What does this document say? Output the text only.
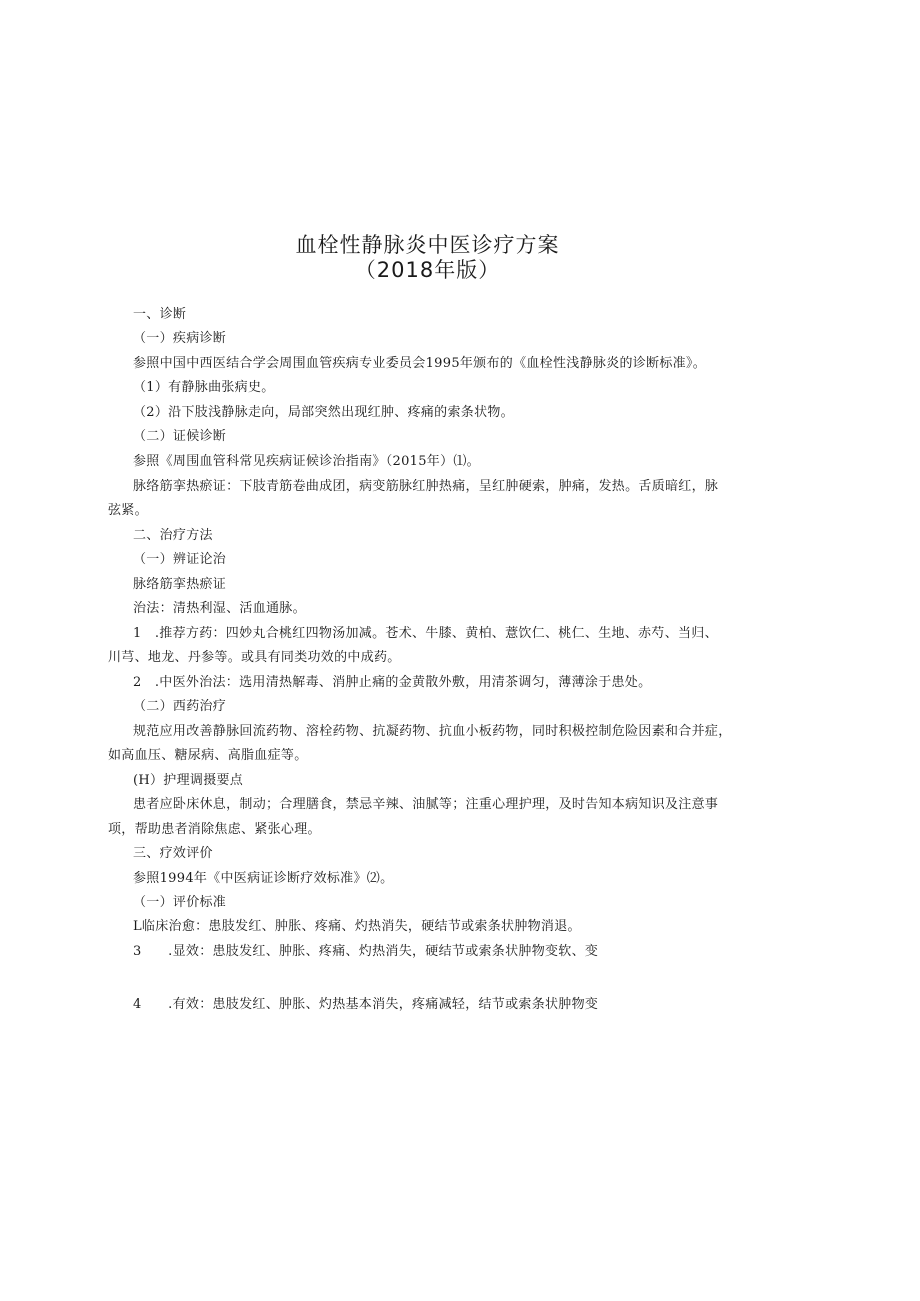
血栓性静脉炎中医诊疗方案
（2018年版）
一、诊断
（一）疾病诊断
参照中国中西医结合学会周围血管疾病专业委员会1995年颁布的《血栓性浅静脉炎的诊断标准》。
（1）有静脉曲张病史。
（2）沿下肢浅静脉走向，局部突然出现红肿、疼痛的索条状物。
（二）证候诊断
参照《周围血管科常见疾病证候诊治指南》（2015年）⑴。
脉络筋挛热瘀证：下肢青筋卷曲成团，病变筋脉红肿热痛，呈红肿硬索，肿痛，发热。舌质暗红，脉
弦紧。
二、治疗方法
（一）辨证论治
脉络筋挛热瘀证
治法：清热利湿、活血通脉。
1　.推荐方药：四妙丸合桃红四物汤加减。苍术、牛膝、黄柏、薏饮仁、桃仁、生地、赤芍、当归、
川芎、地龙、丹参等。或具有同类功效的中成药。
2　.中医外治法：选用清热解毒、消肿止痛的金黄散外敷，用清茶调匀，薄薄涂于患处。
（二）西药治疗
规范应用改善静脉回流药物、溶栓药物、抗凝药物、抗血小板药物，同时积极控制危险因素和合并症，
如高血压、糖尿病、高脂血症等。
(H）护理调摄要点
患者应卧床休息，制动；合理膳食，禁忌辛辣、油腻等；注重心理护理，及时告知本病知识及注意事
项，帮助患者消除焦虑、紧张心理。
三、疗效评价
参照1994年《中医病证诊断疗效标准》⑵。
（一）评价标准
L临床治愈：患肢发红、肿胀、疼痛、灼热消失，硬结节或索条状肿物消退。
3　　.显效：患肢发红、肿胀、疼痛、灼热消失，硬结节或索条状肿物变软、变
4　　.有效：患肢发红、肿胀、灼热基本消失，疼痛减轻，结节或索条状肿物变
